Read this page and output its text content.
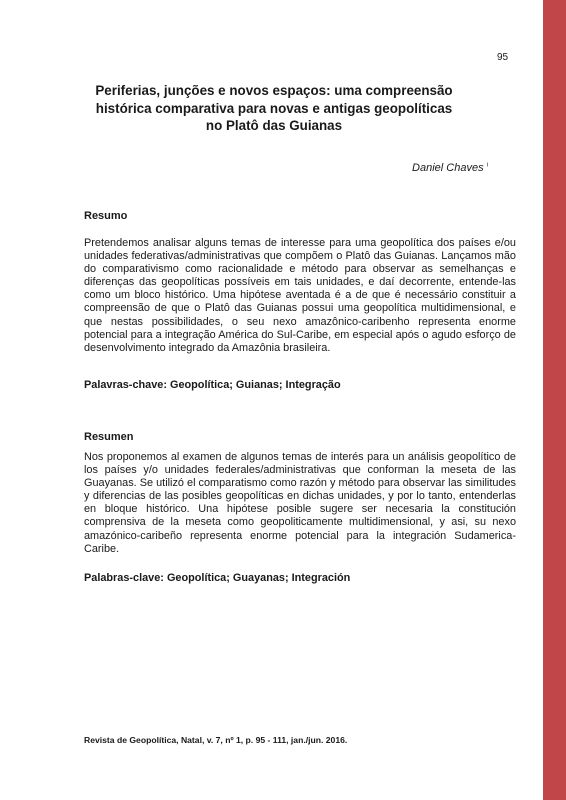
95
Periferias, junções e novos espaços: uma compreensão histórica comparativa para novas e antigas geopolíticas no Platô das Guianas
Daniel Chaves $^i$
Resumo

Pretendemos analisar alguns temas de interesse para uma geopolítica dos países e/ou unidades federativas/administrativas que compõem o Platô das Guianas. Lançamos mão do comparativismo como racionalidade e método para observar as semelhanças e diferenças das geopolíticas possíveis em tais unidades, e daí decorrente, entende-las como um bloco histórico. Uma hipótese aventada é a de que é necessário constituir a compreensão de que o Platô das Guianas possui uma geopolítica multidimensional, e que nestas possibilidades, o seu nexo amazônico-caribenho representa enorme potencial para a integração América do Sul-Caribe, em especial após o agudo esforço de desenvolvimento integrado da Amazônia brasileira.

Palavras-chave: Geopolítica; Guianas; Integração
Resumen

Nos proponemos al examen de algunos temas de interés para un análisis geopolítico de los países y/o unidades federales/administrativas que conforman la meseta de las Guayanas. Se utilizó el comparatismo como razón y método para observar las similitudes y diferencias de las posibles geopolíticas en dichas unidades, y por lo tanto, entenderlas en bloque histórico. Una hipótese posible sugere ser necesaria la constitución comprensiva de la meseta como geopoliticamente multidimensional, y asi, su nexo amazónico-caribeño representa enorme potencial para la integración Sudamerica-Caribe.

Palabras-clave: Geopolítica; Guayanas; Integración
Revista de Geopolítica, Natal, v. 7, nº 1, p. 95 - 111, jan./jun. 2016.
